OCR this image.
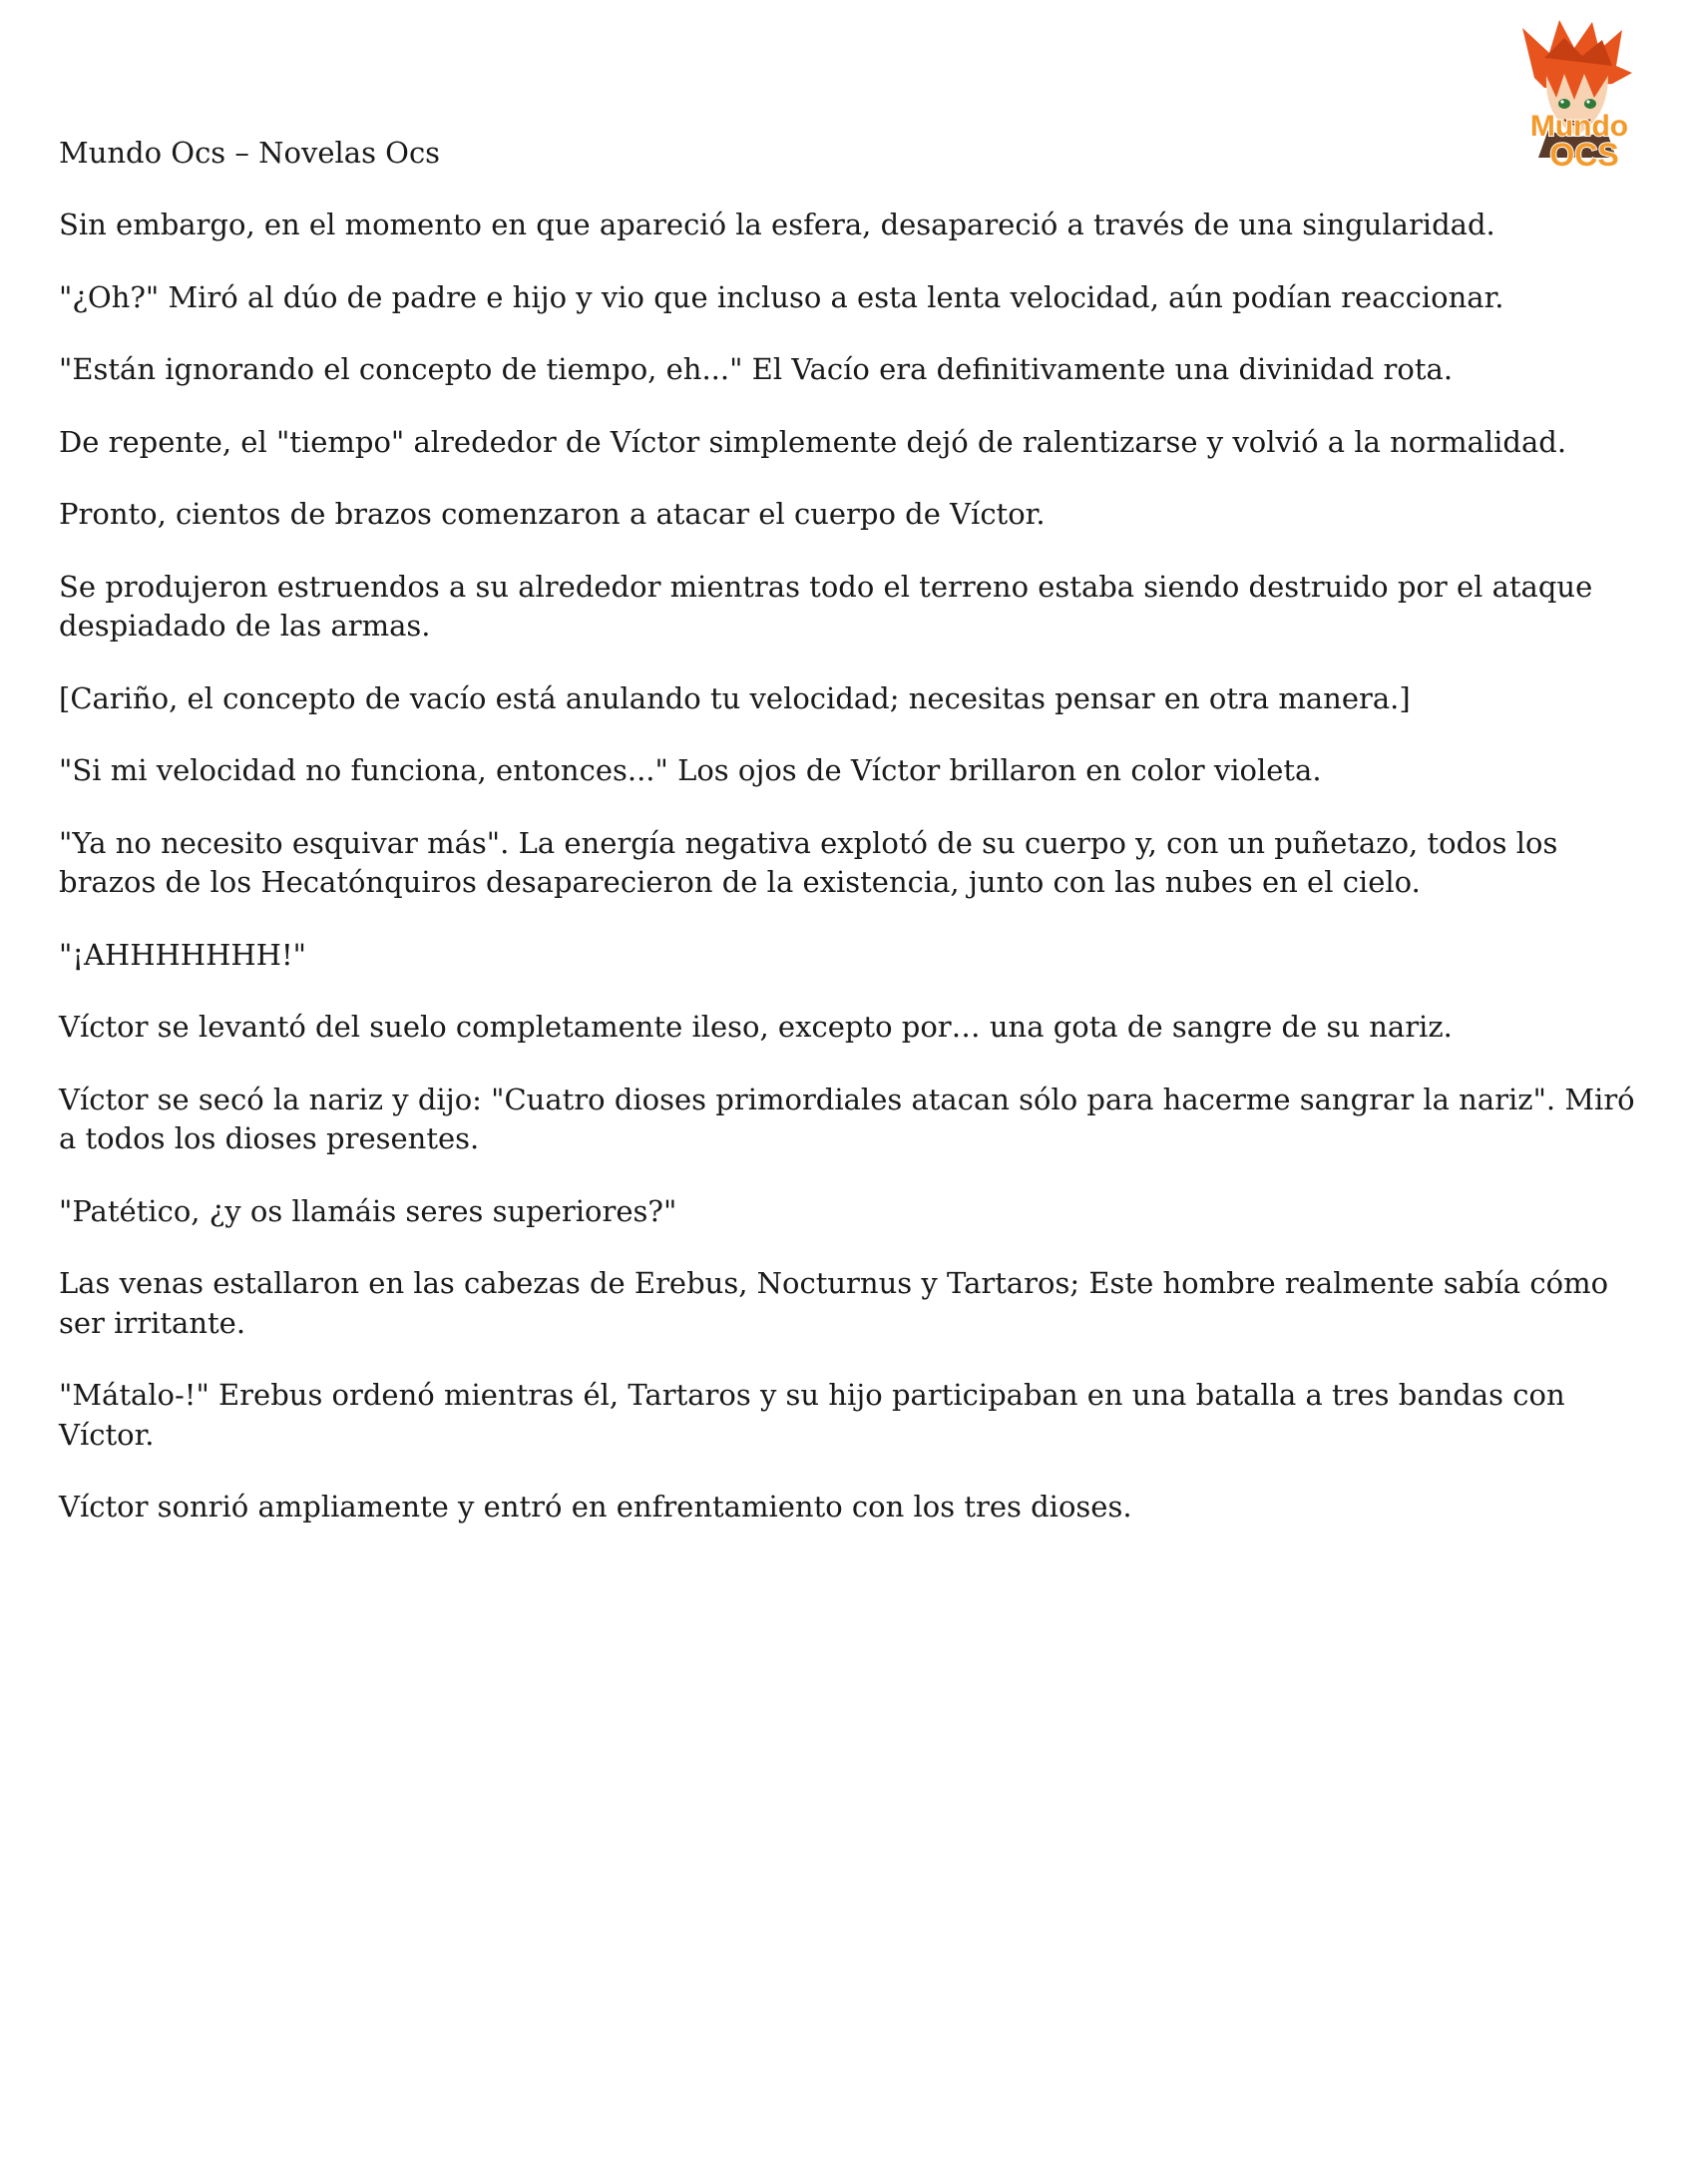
Mundo Ocs – Novelas Ocs
Mundo
OCS

Sin embargo, en el momento en que apareció la esfera, desapareció a través de una singularidad.

"¿Oh?" Miró al dúo de padre e hijo y vio que incluso a esta lenta velocidad, aún podían reaccionar.

"Están ignorando el concepto de tiempo, eh..." El Vacío era definitivamente una divinidad rota.

De repente, el "tiempo" alrededor de Víctor simplemente dejó de ralentizarse y volvió a la normalidad.

Pronto, cientos de brazos comenzaron a atacar el cuerpo de Víctor.

Se produjeron estruendos a su alrededor mientras todo el terreno estaba siendo destruido por el ataque despiadado de las armas.

[Cariño, el concepto de vacío está anulando tu velocidad; necesitas pensar en otra manera.]

"Si mi velocidad no funciona, entonces..." Los ojos de Víctor brillaron en color violeta.

"Ya no necesito esquivar más". La energía negativa explotó de su cuerpo y, con un puñetazo, todos los brazos de los Hecatónquiros desaparecieron de la existencia, junto con las nubes en el cielo.

"¡AHHHHHHH!"

Víctor se levantó del suelo completamente ileso, excepto por… una gota de sangre de su nariz.

Víctor se secó la nariz y dijo: "Cuatro dioses primordiales atacan sólo para hacerme sangrar la nariz". Miró a todos los dioses presentes.

"Patético, ¿y os llamáis seres superiores?"

Las venas estallaron en las cabezas de Erebus, Nocturnus y Tartaros; Este hombre realmente sabía cómo ser irritante.

"Mátalo-!" Erebus ordenó mientras él, Tartaros y su hijo participaban en una batalla a tres bandas con Víctor.

Víctor sonrió ampliamente y entró en enfrentamiento con los tres dioses.
